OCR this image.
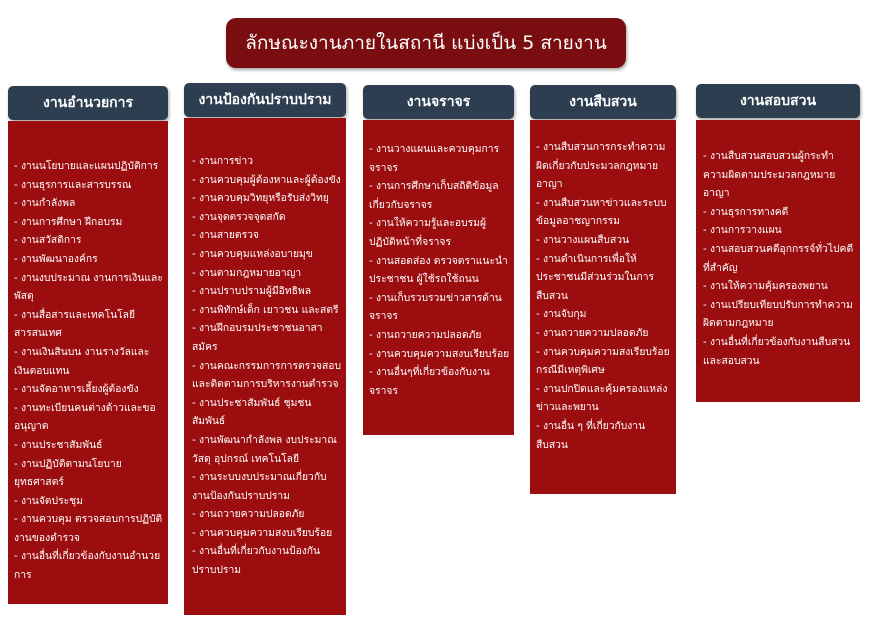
ลักษณะงานภายในสถานี แบ่งเป็น 5 สายงาน
งานอำนวยการ
- งานนโยบายและแผนปฏิบัติการ
- งานธุรการและสารบรรณ
- งานกำลังพล
- งานการศึกษา ฝึกอบรม
- งานสวัสดิการ
- งานพัฒนาองค์กร
- งานงบประมาณ งานการเงินและพัสดุ
- งานสื่อสารและเทคโนโลยีสารสนเทศ
- งานเงินสินบน งานรางวัลและเงินตอบแทน
- งานจัดอาหารเลี้ยงผู้ต้องขัง
- งานทะเบียนคนต่างด้าวและขออนุญาต
- งานประชาสัมพันธ์
- งานปฏิบัติตามนโยบายยุทธศาสตร์
- งานจัดประชุม
- งานควบคุม ตรวจสอบการปฏิบัติงานของตำรวจ
- งานอื่นที่เกี่ยวข้องกับงานอำนวยการ
งานป้องกันปราบปราม
- งานการข่าว
- งานควบคุมผู้ต้องหาและผู้ต้องขัง
- งานควบคุมวิทยุหรือรับส่งวิทยุ
- งานจุดตรวจจุดสกัด
- งานสายตรวจ
- งานควบคุมแหล่งอบายมุข
- งานตามกฎหมายอาญา
- งานปราบปรามผู้มีอิทธิพล
- งานพิทักษ์เด็ก เยาวชน และสตรี
- งานฝึกอบรมประชาชนอาสาสมัคร
- งานคณะกรรมการการตรวจสอบและติดตามการบริหารงานตำรวจ
- งานประชาสัมพันธ์ ชุมชนสัมพันธ์
- งานพัฒนากำลังพล งบประมาณ วัสดุ อุปกรณ์ เทคโนโลยี
- งานระบบงบประมาณเกี่ยวกับงานป้องกันปราบปราม
- งานถวายความปลอดภัย
- งานควบคุมความสงบเรียบร้อย
- งานอื่นที่เกี่ยวกับงานป้องกันปราบปราม
งานจราจร
- งานวางแผนและควบคุมการจราจร
- งานการศึกษาเก็บสถิติข้อมูลเกี่ยวกับจราจร
- งานให้ความรู้และอบรมผู้ปฏิบัติหน้าที่จราจร
- งานสอดส่อง ตรวจตราแนะนำประชาชน ผู้ใช้รถใช้ถนน
- งานเก็บรวบรวมข่าวสารด้านจราจร
- งานถวายความปลอดภัย
- งานควบคุมความสงบเรียบร้อย
- งานอื่นๆที่เกี่ยวข้องกับงานจราจร
งานสืบสวน
- งานสืบสวนการกระทำความผิดเกี่ยวกับประมวลกฎหมายอาญา
- งานสืบสวนหาข่าวและระบบข้อมูลอาชญากรรม
- งานวางแผนสืบสวน
- งานดำเนินการเพื่อให้ประชาชนมีส่วนร่วมในการสืบสวน
- งานจับกุม
- งานถวายความปลอดภัย
- งานควบคุมความสงเรียบร้อยกรณีมีเหตุพิเศษ
- งานปกปิดและคุ้มครองแหล่งข่าวและพยาน
- งานอื่น ๆ ที่เกี่ยวกับงานสืบสวน
งานสอบสวน
- งานสืบสวนสอบสวนผู้กระทำความผิดตามประมวลกฎหมายอาญา
- งานธุรการทางคดี
- งานการวางแผน
- งานสอบสวนคดีอุกกรรจ์ทั่วไปคดีที่สำคัญ
- งานให้ความคุ้มครองพยาน
- งานเปรียบเทียบปรับการทำความผิดตามกฎหมาย
- งานอื่นที่เกี่ยวข้องกับงานสืบสวนและสอบสวน
